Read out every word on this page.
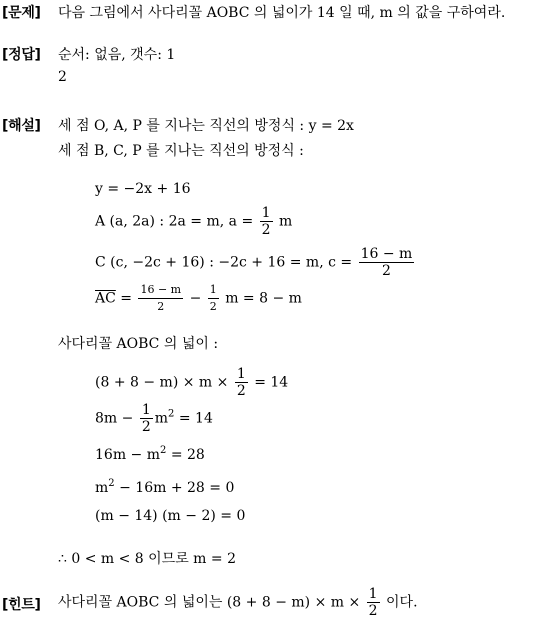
[문제] 다음 그림에서 사다리꼴 AOBC 의 넓이가 14 일 때, m 의 값을 구하여라.
[정답] 순서: 없음, 갯수: 1
2
[해설] 세 점 O, A, P 를 지나는 직선의 방정식 : y = 2x
세 점 B, C, P 를 지나는 직선의 방정식 :
y = −2x + 16
A (a, 2a) : 2a = m, $a = \frac{1}{2}$ m
C (c, −2c + 16) : −2c + 16 = m, $c = \frac{16 - m}{2}$
$\overline{AC} = \frac{16 - m}{2} - \frac{1}{2}$ m = 8 − m
사다리꼴 AOBC 의 넓이 :
$(8 + 8 - m) \times m \times \frac{1}{2} = 14$
$8m - \frac{1}{2} m^2 = 14$
$16m - m^2 = 28$
$m^2 - 16m + 28 = 0$
(m − 14) (m − 2) = 0
∴ 0 < m < 8 이므로 m = 2
[힌트] 사다리꼴 AOBC 의 넓이는 $(8 + 8 - m) \times m \times \frac{1}{2}$ 이다.
